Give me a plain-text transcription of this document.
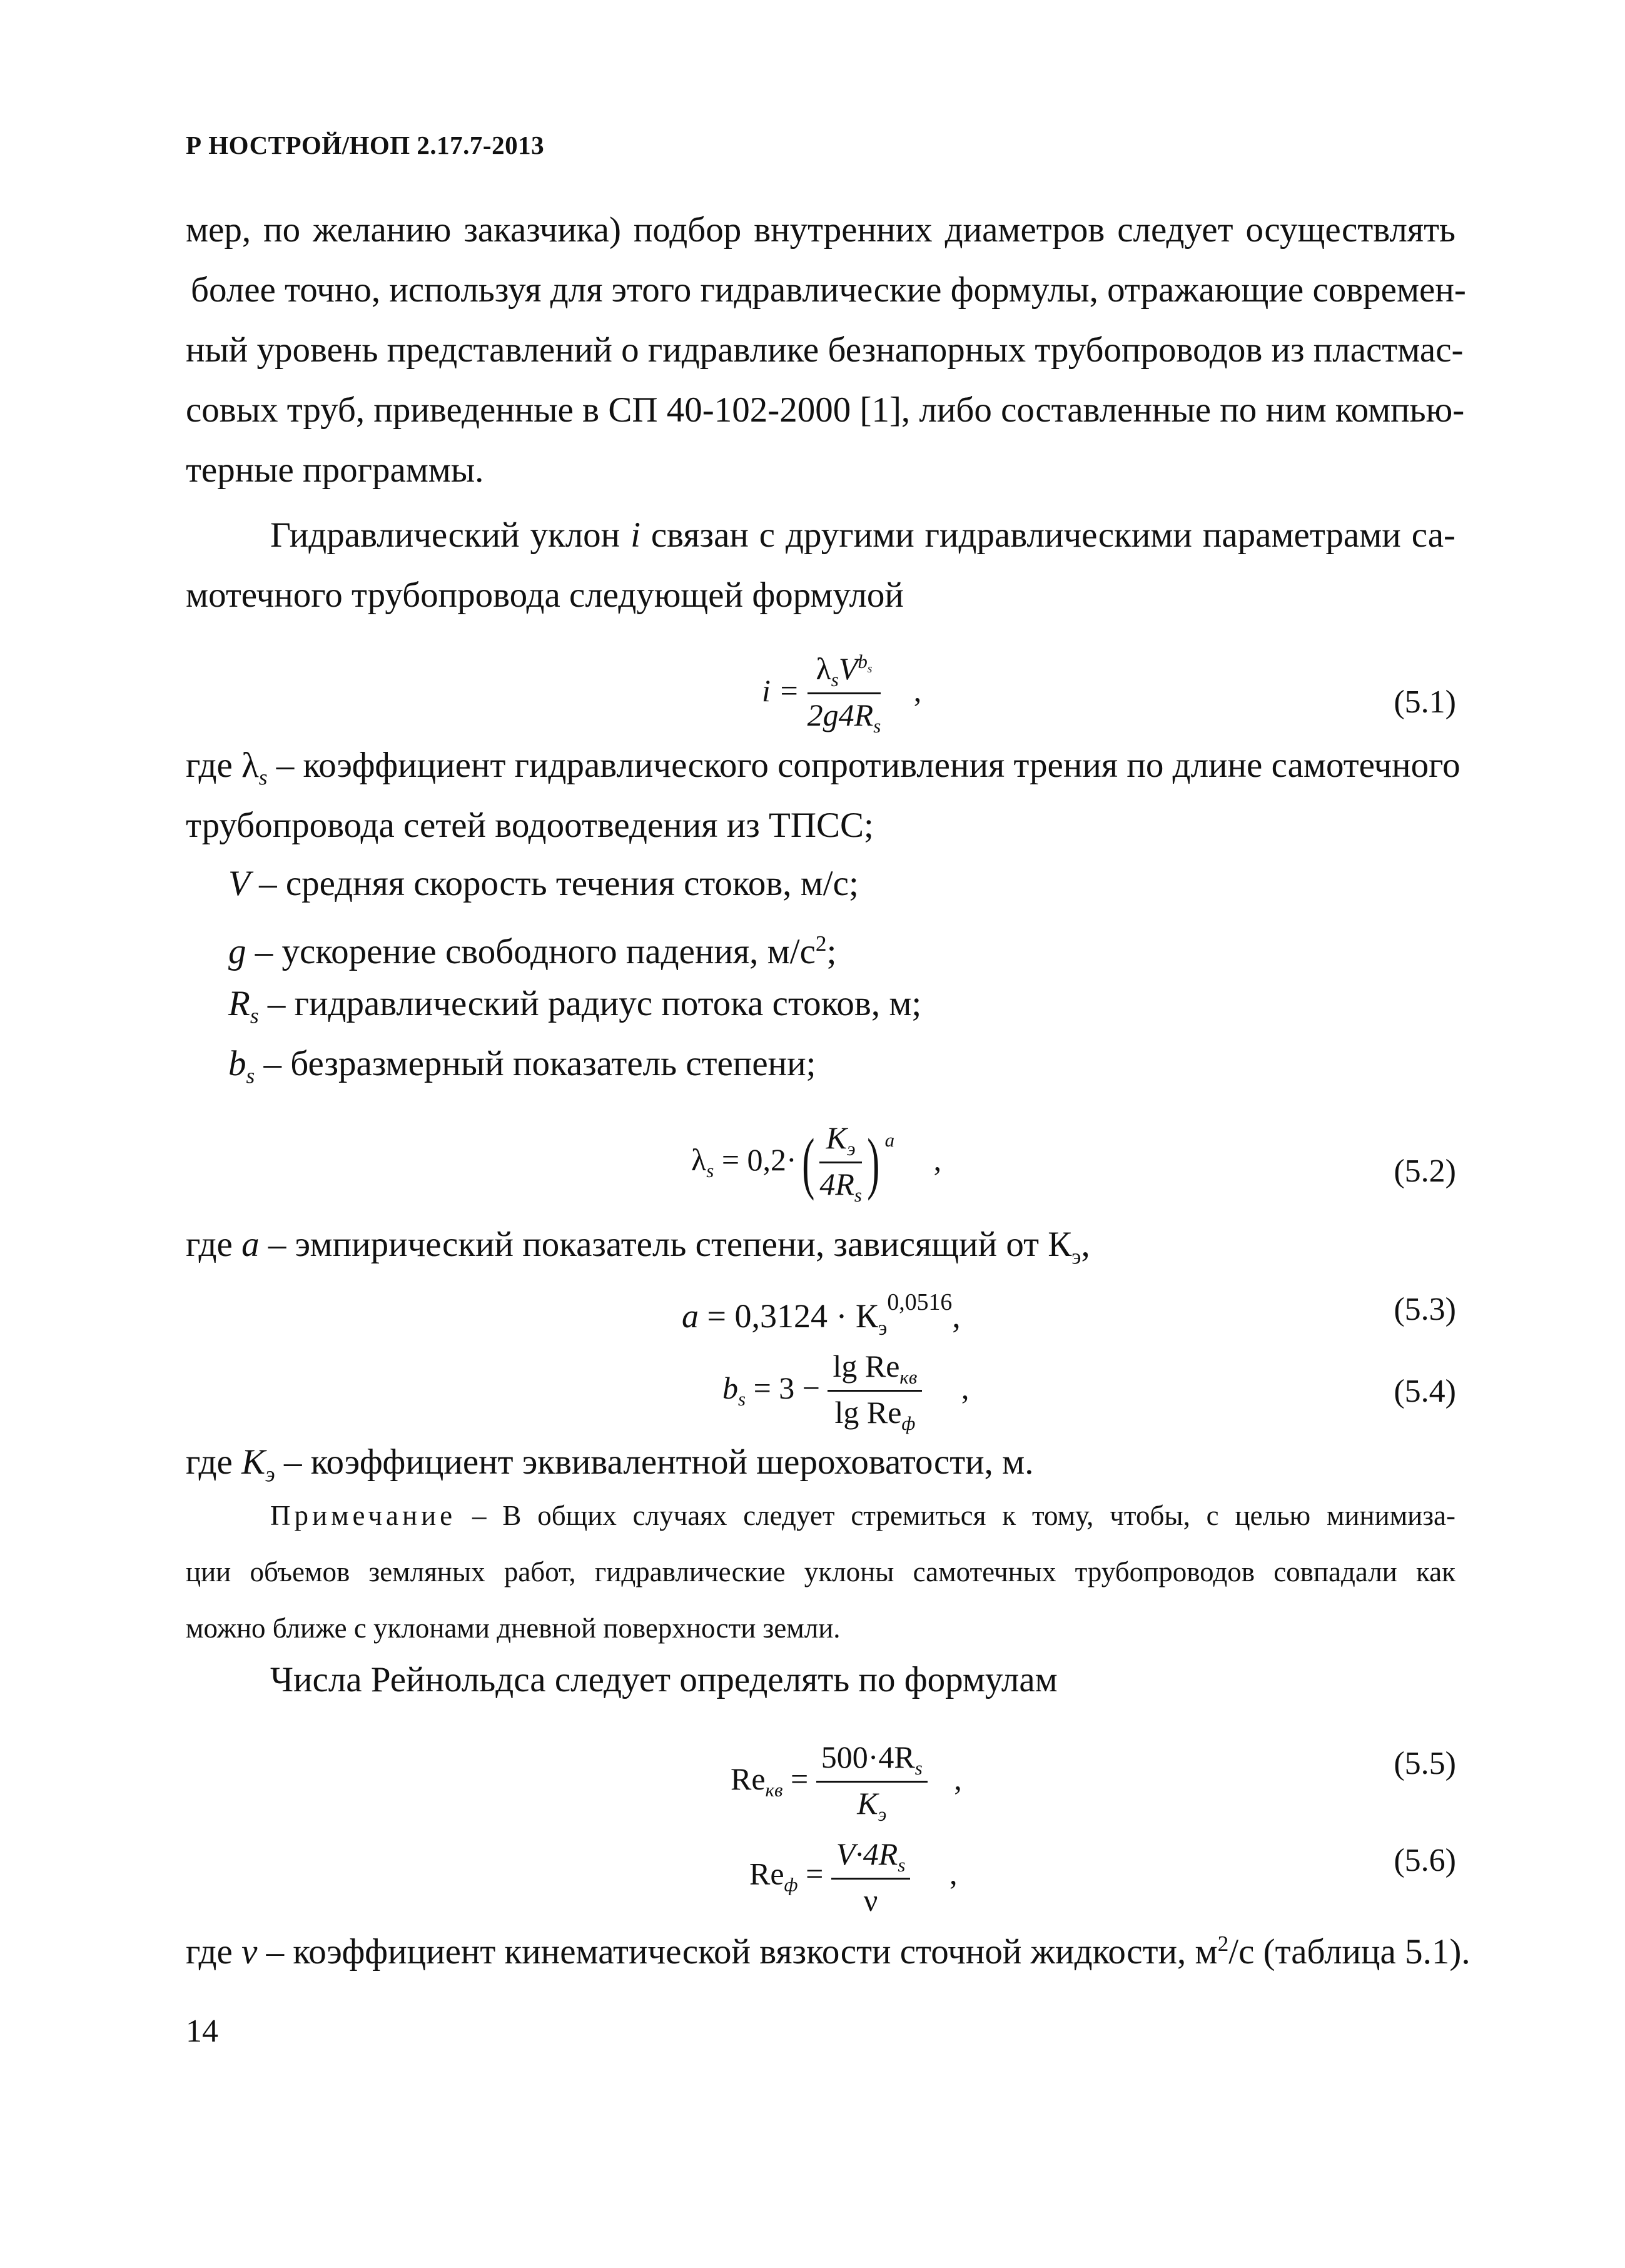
Р НОСТРОЙ/НОП 2.17.7-2013
мер, по желанию заказчика) подбор внутренних диаметров следует осуществлять
более точно, используя для этого гидравлические формулы, отражающие современ-
ный уровень представлений о гидравлике безнапорных трубопроводов из пластмас-
совых труб, приведенные в СП 40-102-2000 [1], либо составленные по ним компью-
терные программы.
Гидравлический уклон i связан с другими гидравлическими параметрами са-
мотечного трубопровода следующей формулой
$i = \frac{\lambda_sV^{b_s}}{2g4R_s}$ ,	(5.1)
где $\lambda_s$ – коэффициент гидравлического сопротивления трения по длине самотечного
трубопровода сетей водоотведения из ТПСС;
V – средняя скорость течения стоков, м/с;
g – ускорение свободного падения, $м/с^2$;
$R_s$ – гидравлический радиус потока стоков, м;
$b_s$ – безразмерный показатель степени;
$\lambda_s = 0,2\cdot( \frac{K_э}{4R_s}$ ) $^a$ ,	(5.2)
где a – эмпирический показатель степени, зависящий от $К_э$,
$a = 0,3124 \cdot К_э^{0,0516}$,	(5.3)
$b_s = 3 - \frac{\lg Re_{кв}}{\lg Re_ф}$ ,	(5.4)
где $K_э$ – коэффициент эквивалентной шероховатости, м.
Примечание – В общих случаях следует стремиться к тому, чтобы, с целью минимиза-
ции объемов земляных работ, гидравлические уклоны самотечных трубопроводов совпадали как
можно ближе с уклонами дневной поверхности земли.
Числа Рейнольдса следует определять по формулам
$Re_{кв} = \frac{500\cdot 4R_s}{K_э}$ ,	(5.5)
$Re_ф = \frac{V\cdot 4R_s}{\nu}$ ,	(5.6)
где v – коэффициент кинематической вязкости сточной жидкости, $м^2/с$ (таблица 5.1).
14
